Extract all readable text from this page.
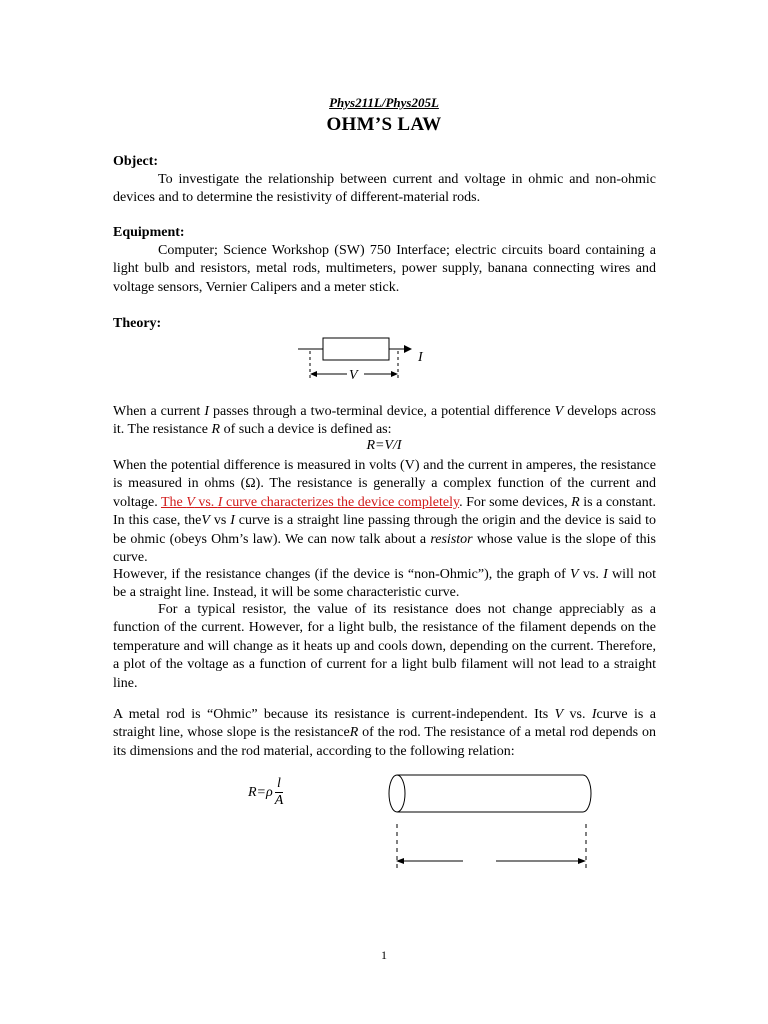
Phys211L/Phys205L
OHM’S LAW
Object:
To investigate the relationship between current and voltage in ohmic and non-ohmic devices and to determine the resistivity of different-material rods.
Equipment:
Computer; Science Workshop (SW) 750 Interface; electric circuits board containing a light bulb and resistors, metal rods, multimeters, power supply, banana connecting wires and voltage sensors, Vernier Calipers and a meter stick.
Theory:
I
V
When a current I passes through a two-terminal device, a potential difference V develops across it. The resistance R of such a device is defined as:
R=V/I
When the potential difference is measured in volts (V) and the current in amperes, the resistance is measured in ohms (Ω). The resistance is generally a complex function of the current and voltage. The V vs. I curve characterizes the device completely. For some devices, R is a constant. In this case, theV vs I curve is a straight line passing through the origin and the device is said to be ohmic (obeys Ohm’s law). We can now talk about a resistor whose value is the slope of this curve.
However, if the resistance changes (if the device is “non-Ohmic”), the graph of V vs. I will not be a straight line. Instead, it will be some characteristic curve.
For a typical resistor, the value of its resistance does not change appreciably as a function of the current. However, for a light bulb, the resistance of the filament depends on the temperature and will change as it heats up and cools down, depending on the current. Therefore, a plot of the voltage as a function of current for a light bulb filament will not lead to a straight line.
A metal rod is “Ohmic” because its resistance is current-independent. Its V vs. Icurve is a straight line, whose slope is the resistanceR of the rod. The resistance of a metal rod depends on its dimensions and the rod material, according to the following relation:
$R=\rho \frac{l}{A}$
1
